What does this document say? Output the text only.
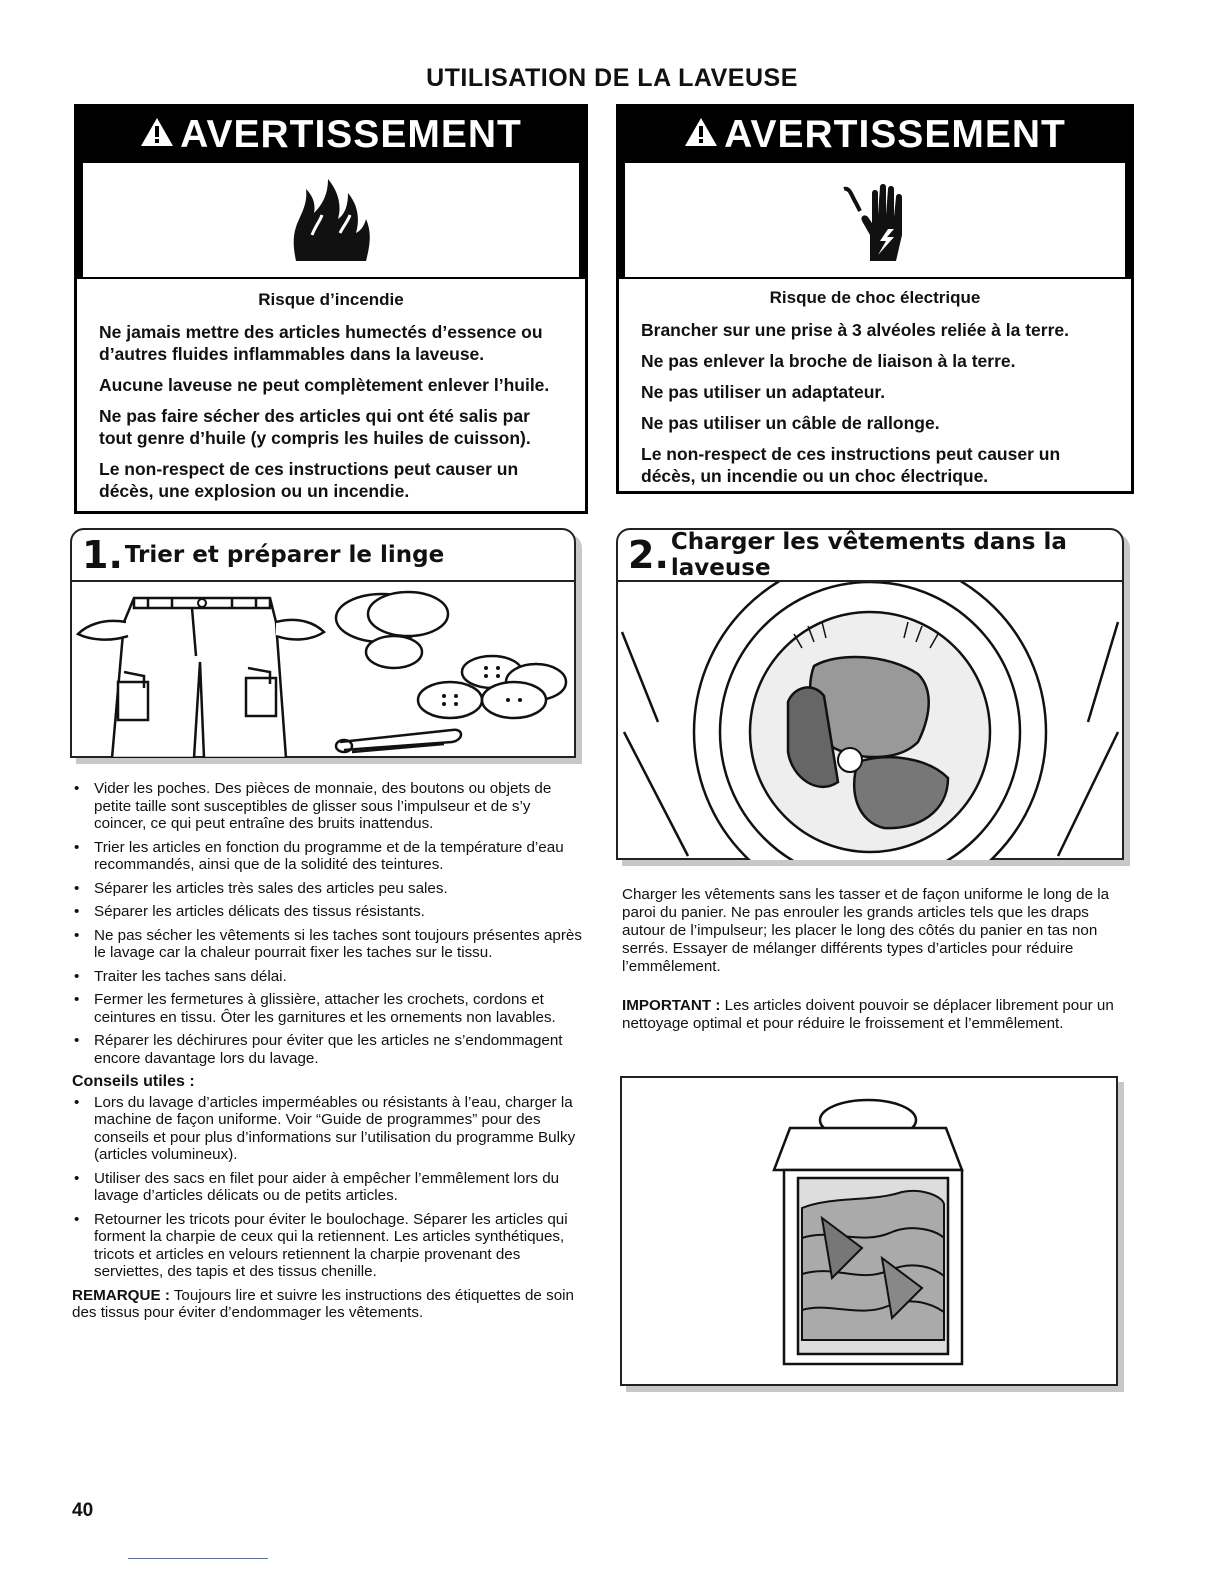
UTILISATION DE LA LAVEUSE
AVERTISSEMENT
Risque d’incendie

Ne jamais mettre des articles humectés d’essence ou d’autres fluides inflammables dans la laveuse.

Aucune laveuse ne peut complètement enlever l’huile.

Ne pas faire sécher des articles qui ont été salis par tout genre d’huile (y compris les huiles de cuisson).

Le non-respect de ces instructions peut causer un décès, une explosion ou un incendie.

AVERTISSEMENT
Risque de choc électrique

Brancher sur une prise à 3 alvéoles reliée à la terre.

Ne pas enlever la broche de liaison à la terre.

Ne pas utiliser un adaptateur.

Ne pas utiliser un câble de rallonge.

Le non-respect de ces instructions peut causer un décès, un incendie ou un choc électrique.

1. Trier et préparer le linge	2. Charger les vêtements dans la laveuse
• Vider les poches. Des pièces de monnaie, des boutons ou objets de petite taille sont susceptibles de glisser sous l’impulseur et de s’y coincer, ce qui peut entraîne des bruits inattendus.
• Trier les articles en fonction du programme et de la température d’eau recommandés, ainsi que de la solidité des teintures.
• Séparer les articles très sales des articles peu sales.
• Séparer les articles délicats des tissus résistants.
• Ne pas sécher les vêtements si les taches sont toujours présentes après le lavage car la chaleur pourrait fixer les taches sur le tissu.
• Traiter les taches sans délai.
• Fermer les fermetures à glissière, attacher les crochets, cordons et ceintures en tissu. Ôter les garnitures et les ornements non lavables.
• Réparer les déchirures pour éviter que les articles ne s’endommagent encore davantage lors du lavage.
Conseils utiles :
• Lors du lavage d’articles imperméables ou résistants à l’eau, charger la machine de façon uniforme. Voir “Guide de programmes” pour des conseils et pour plus d’informations sur l’utilisation du programme Bulky (articles volumineux).
• Utiliser des sacs en filet pour aider à empêcher l’emmêlement lors du lavage d’articles délicats ou de petits articles.
• Retourner les tricots pour éviter le boulochage. Séparer les articles qui forment la charpie de ceux qui la retiennent. Les articles synthétiques, tricots et articles en velours retiennent la charpie provenant des serviettes, des tapis et des tissus chenille.
REMARQUE : Toujours lire et suivre les instructions des étiquettes de soin des tissus pour éviter d’endommager les vêtements.

Charger les vêtements sans les tasser et de façon uniforme le long de la paroi du panier. Ne pas enrouler les grands articles tels que les draps autour de l’impulseur; les placer le long des côtés du panier en tas non serrés. Essayer de mélanger différents types d’articles pour réduire l’emmêlement.

IMPORTANT : Les articles doivent pouvoir se déplacer librement pour un nettoyage optimal et pour réduire le froissement et l’emmêlement.

40
